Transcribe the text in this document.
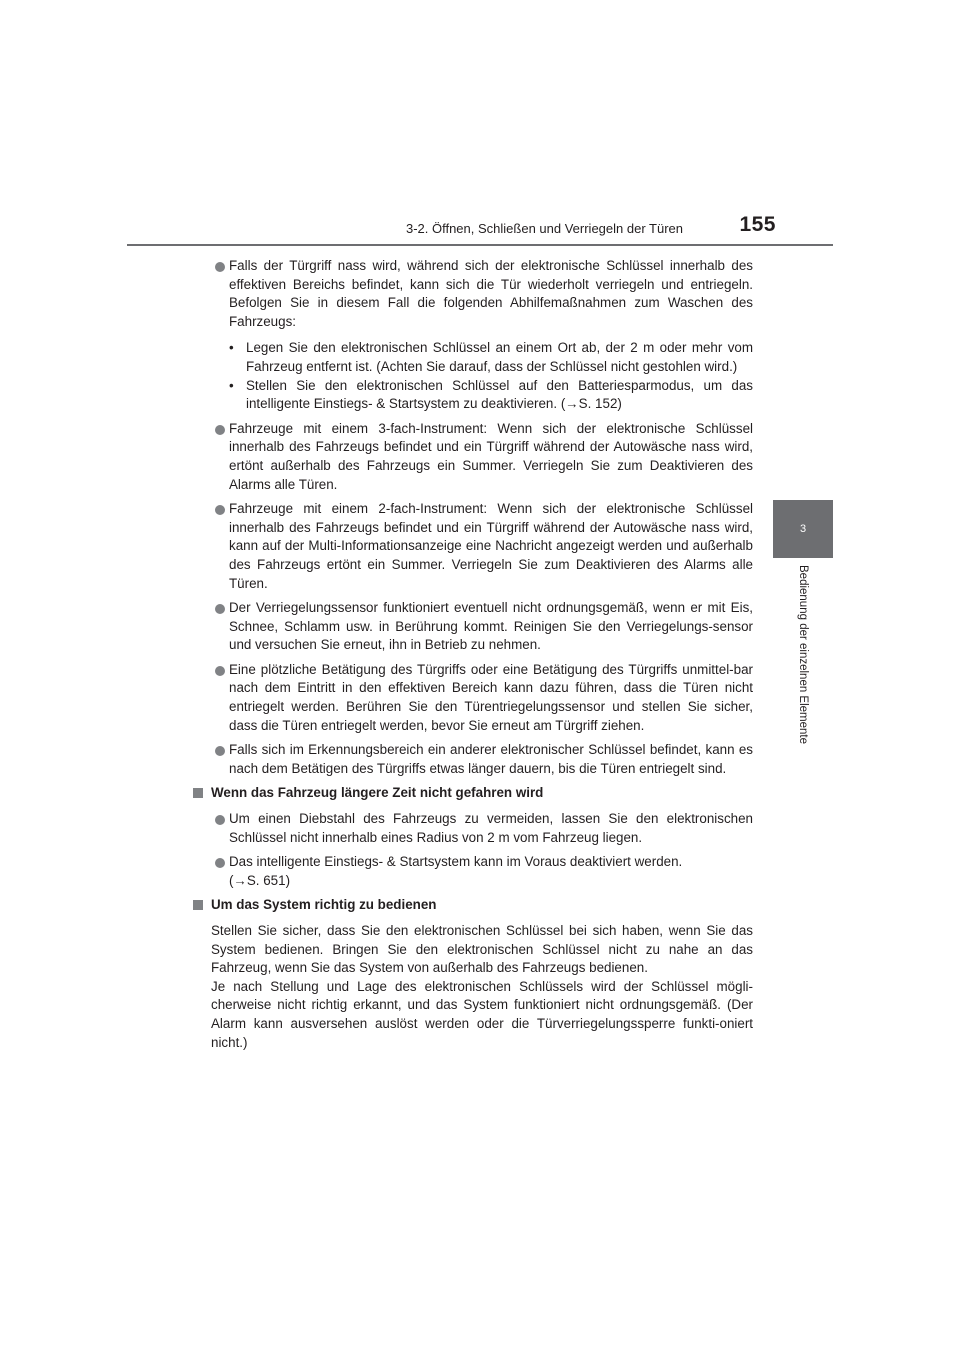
3-2. Öffnen, Schließen und Verriegeln der Türen	155
3
Bedienung der einzelnen Elemente

Falls der Türgriff nass wird, während sich der elektronische Schlüssel innerhalb des effektiven Bereichs befindet, kann sich die Tür wiederholt verriegeln und entriegeln. Befolgen Sie in diesem Fall die folgenden Abhilfemaßnahmen zum Waschen des Fahrzeugs:

• Legen Sie den elektronischen Schlüssel an einem Ort ab, der 2 m oder mehr vom Fahrzeug entfernt ist. (Achten Sie darauf, dass der Schlüssel nicht gestohlen wird.)

• Stellen Sie den elektronischen Schlüssel auf den Batteriesparmodus, um das intelligente Einstiegs- & Startsystem zu deaktivieren. (→S. 152)

Fahrzeuge mit einem 3-fach-Instrument: Wenn sich der elektronische Schlüssel innerhalb des Fahrzeugs befindet und ein Türgriff während der Autowäsche nass wird, ertönt außerhalb des Fahrzeugs ein Summer. Verriegeln Sie zum Deaktivieren des Alarms alle Türen.

Fahrzeuge mit einem 2-fach-Instrument: Wenn sich der elektronische Schlüssel innerhalb des Fahrzeugs befindet und ein Türgriff während der Autowäsche nass wird, kann auf der Multi-Informationsanzeige eine Nachricht angezeigt werden und außerhalb des Fahrzeugs ertönt ein Summer. Verriegeln Sie zum Deaktivieren des Alarms alle Türen.

Der Verriegelungssensor funktioniert eventuell nicht ordnungsgemäß, wenn er mit Eis, Schnee, Schlamm usw. in Berührung kommt. Reinigen Sie den Verriegelungs-sensor und versuchen Sie erneut, ihn in Betrieb zu nehmen.

Eine plötzliche Betätigung des Türgriffs oder eine Betätigung des Türgriffs unmittel-bar nach dem Eintritt in den effektiven Bereich kann dazu führen, dass die Türen nicht entriegelt werden. Berühren Sie den Türentriegelungssensor und stellen Sie sicher, dass die Türen entriegelt werden, bevor Sie erneut am Türgriff ziehen.

Falls sich im Erkennungsbereich ein anderer elektronischer Schlüssel befindet, kann es nach dem Betätigen des Türgriffs etwas länger dauern, bis die Türen entriegelt sind.

Wenn das Fahrzeug längere Zeit nicht gefahren wird

Um einen Diebstahl des Fahrzeugs zu vermeiden, lassen Sie den elektronischen Schlüssel nicht innerhalb eines Radius von 2 m vom Fahrzeug liegen.

Das intelligente Einstiegs- & Startsystem kann im Voraus deaktiviert werden.
(→S. 651)

Um das System richtig zu bedienen

Stellen Sie sicher, dass Sie den elektronischen Schlüssel bei sich haben, wenn Sie das System bedienen. Bringen Sie den elektronischen Schlüssel nicht zu nahe an das Fahrzeug, wenn Sie das System von außerhalb des Fahrzeugs bedienen.

Je nach Stellung und Lage des elektronischen Schlüssels wird der Schlüssel mögli-cherweise nicht richtig erkannt, und das System funktioniert nicht ordnungsgemäß. (Der Alarm kann ausversehen auslöst werden oder die Türverriegelungssperre funkti-oniert nicht.)
